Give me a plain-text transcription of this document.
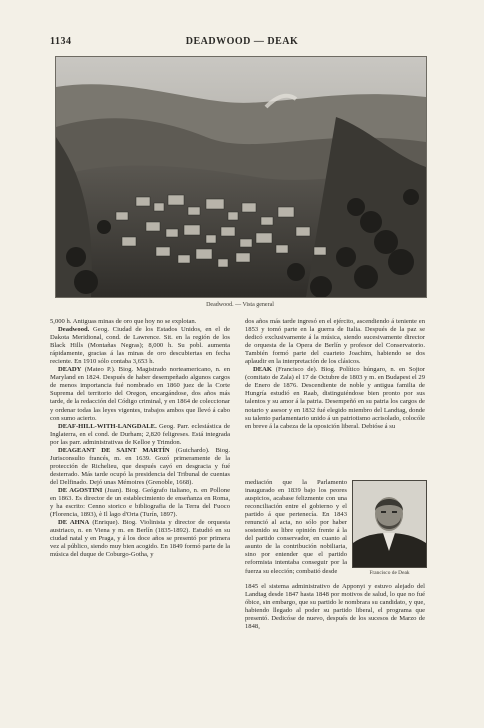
1134	DEADWOOD — DEAK
Deadwood. — Vista general

5,000 h. Antiguas minas de oro que hoy no se explotan.

Deadwood. Geog. Ciudad de los Estados Unidos, en el de Dakota Meridional, cond. de Lawrence. Sit. en la región de los Black Hills (Montañas Negras); 8,000 h. Su pobl. aumenta rápidamente, gracias á las minas de oro descubiertas en fecha reciente. En 1910 sólo contaba 3,653 h.

DEADY (Mateo P.). Biog. Magistrado norteamericano, n. en Maryland en 1824. Después de haber desempeñado algunos cargos de menos importancia fué nombrado en 1860 juez de la Corte Suprema del territorio del Oregon, encargándose, dos años más tarde, de la redacción del Código criminal, y en 1864 de coleccionar y ordenar todas las leyes vigentes, trabajos ambos que llevó á cabo con sumo acierto.

DEAF-HILL-WITH-LANGDALE. Geog. Parr. eclesiástica de Inglaterra, en el cond. de Durham; 2,820 feligreses. Está integrada por las parr. administrativas de Kelloe y Trimdon.

DEAGEANT DE SAINT MARTÍN (Guichardo). Biog. Jurisconsulto francés, m. en 1639. Gozó primeramente de la protección de Richelieu, que después cayó en desgracia y fué desterrado. Más tarde ocupó la presidencia del Tribunal de cuentas del Delfinado. Dejó unas Mémoires (Grenoble, 1668).

DE AGOSTINI (Juan). Biog. Geógrafo italiano, n. en Pollone en 1863. Es director de un establecimiento de enseñanza en Roma, y ha escrito: Cenno storico e bibliografia de la Terra del Fuoco (Florencia, 1893), è Il lago d'Orta (Turín, 1897).

DE AHNA (Enrique). Biog. Violinista y director de orquesta austriaco, n. en Viena y m. en Berlín (1835-1892). Estudió en su ciudad natal y en Praga, y á los doce años se presentó por primera vez al público, siendo muy bien acogido. En 1849 formó parte de la música del duque de Coburgo-Gotha, y

dos años más tarde ingresó en el ejército, ascendiendo á teniente en 1853 y tomó parte en la guerra de Italia. Después de la paz se dedicó exclusivamente á la música, siendo sucesivamente director de orquesta de la Opera de Berlín y profesor del Conservatorio. También formó parte del cuarteto Joachim, habiendo se dos aplaudir en la interpretación de los clásicos.

DEAK (Francisco de). Biog. Político húngaro, n. en Sojtor (comitato de Zala) el 17 de Octubre de 1803 y m. en Budapest el 29 de Enero de 1876. Descendiente de noble y antigua familia de Hungría estudió en Raab, distinguiéndose bien pronto por sus talentos y su amor á la patria. Desempeñó en su patria los cargos de notario y asesor y en 1832 fué elegido miembro del Landtag, donde su talento parlamentario unido á un patriotismo acrisolado, colocóle en breve á la cabeza de la oposición liberal. Debióse á su

mediación que la Parlamento inaugurado en 1839 bajo los peores auspicios, acabase felizmente con una reconciliación entre el gobierno y el partido á que pertenecía. En 1843 renunció al acta, no sólo por haber sostenido su libre opinión frente á la del partido conservador, en cuanto al asunto de la contribución nobiliaria, sino por entender que el partido reformista intentaba conseguir por la fuerza su elección; combatió desde	Francisco de Deak

1845 el sistema administrativo de Apponyi y estuvo alejado del Landtag desde 1847 hasta 1848 por motivos de salud, lo que no fué óbice, sin embargo, que su partido le nombrara su candidato, y que, habiendo llegado al poder su partido liberal, el programa que presentó. Dedicóse de nuevo, después de los sucesos de Marzo de 1848,
